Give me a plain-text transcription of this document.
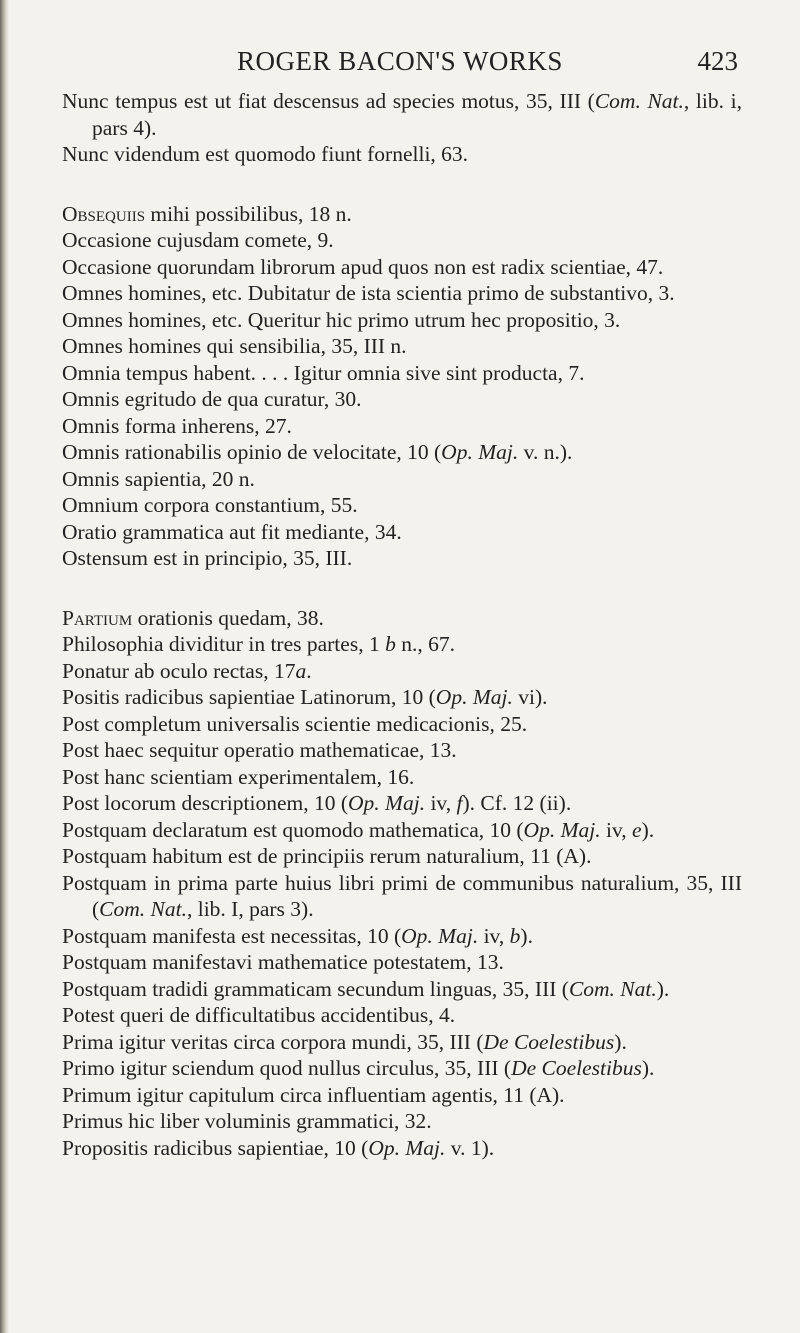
ROGER BACON'S WORKS	423
Nunc tempus est ut fiat descensus ad species motus, 35, III (Com. Nat., lib. i, pars 4).
Nunc videndum est quomodo fiunt fornelli, 63.
Obsequiis mihi possibilibus, 18 n.
Occasione cujusdam comete, 9.
Occasione quorundam librorum apud quos non est radix scientiae, 47.
Omnes homines, etc. Dubitatur de ista scientia primo de substantivo, 3.
Omnes homines, etc. Queritur hic primo utrum hec propositio, 3.
Omnes homines qui sensibilia, 35, III n.
Omnia tempus habent. . . . Igitur omnia sive sint producta, 7.
Omnis egritudo de qua curatur, 30.
Omnis forma inherens, 27.
Omnis rationabilis opinio de velocitate, 10 (Op. Maj. v. n.).
Omnis sapientia, 20 n.
Omnium corpora constantium, 55.
Oratio grammatica aut fit mediante, 34.
Ostensum est in principio, 35, III.
Partium orationis quedam, 38.
Philosophia dividitur in tres partes, 1 b n., 67.
Ponatur ab oculo rectas, 17a.
Positis radicibus sapientiae Latinorum, 10 (Op. Maj. vi).
Post completum universalis scientie medicacionis, 25.
Post haec sequitur operatio mathematicae, 13.
Post hanc scientiam experimentalem, 16.
Post locorum descriptionem, 10 (Op. Maj. iv, f). Cf. 12 (ii).
Postquam declaratum est quomodo mathematica, 10 (Op. Maj. iv, e).
Postquam habitum est de principiis rerum naturalium, 11 (A).
Postquam in prima parte huius libri primi de communibus naturalium, 35, III (Com. Nat., lib. I, pars 3).
Postquam manifesta est necessitas, 10 (Op. Maj. iv, b).
Postquam manifestavi mathematice potestatem, 13.
Postquam tradidi grammaticam secundum linguas, 35, III (Com. Nat.).
Potest queri de difficultatibus accidentibus, 4.
Prima igitur veritas circa corpora mundi, 35, III (De Coelestibus).
Primo igitur sciendum quod nullus circulus, 35, III (De Coelestibus).
Primum igitur capitulum circa influentiam agentis, 11 (A).
Primus hic liber voluminis grammatici, 32.
Propositis radicibus sapientiae, 10 (Op. Maj. v. 1).
